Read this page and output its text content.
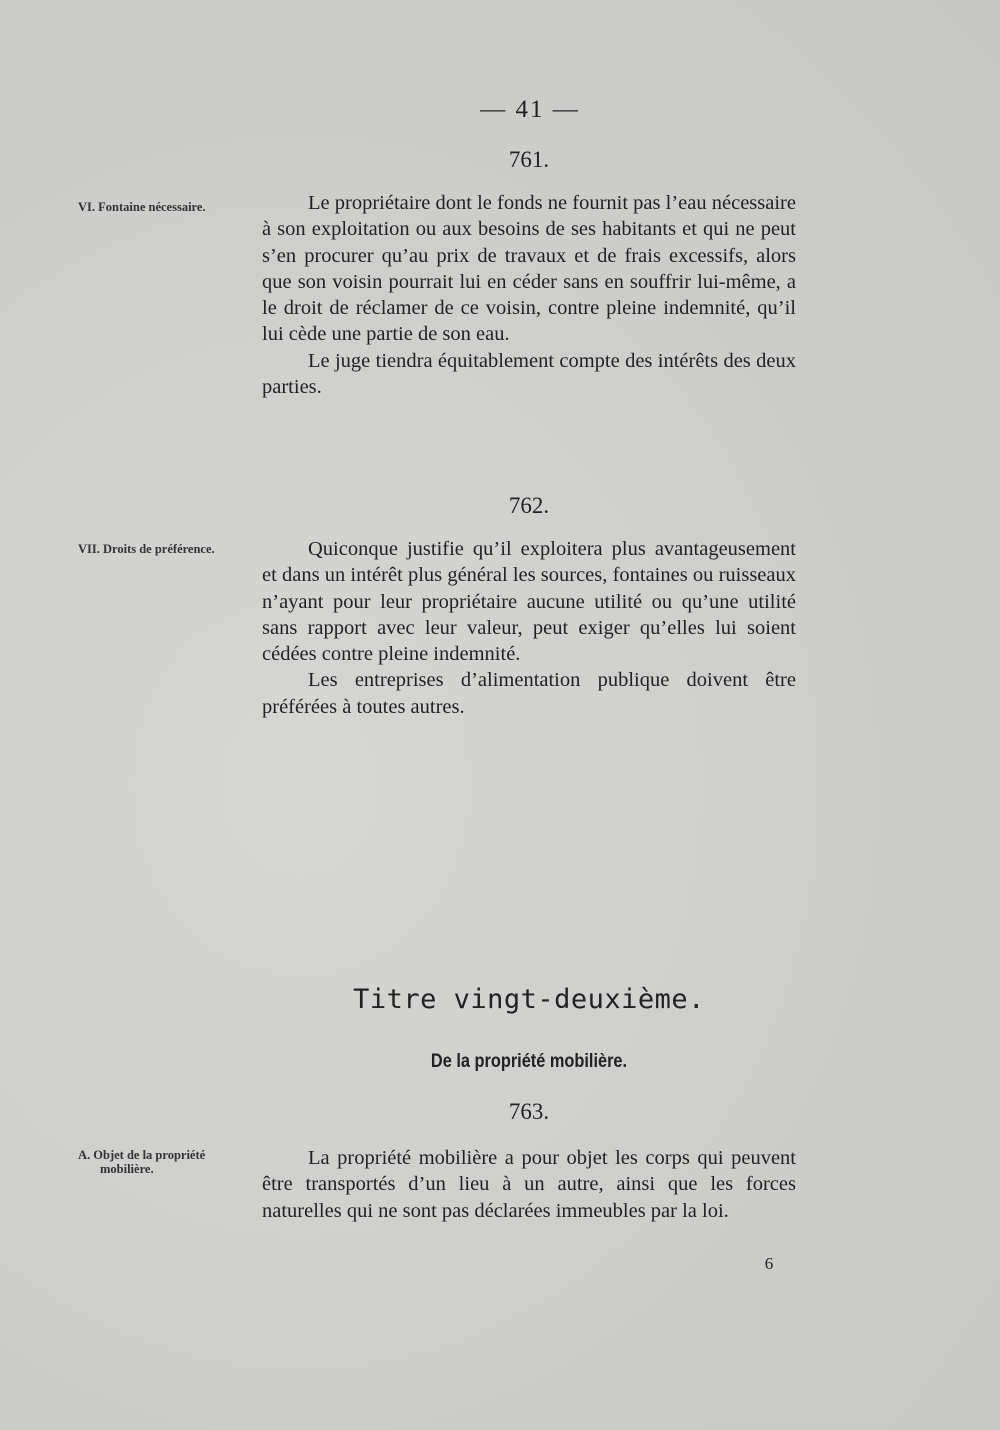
— 41 —
761.
VI. Fontaine nécessaire.	Le propriétaire dont le fonds ne fournit pas l’eau nécessaire à son exploitation ou aux besoins de ses habitants et qui ne peut s’en procurer qu’au prix de travaux et de frais excessifs, alors que son voisin pourrait lui en céder sans en souffrir lui-même, a le droit de réclamer de ce voisin, contre pleine indemnité, qu’il lui cède une partie de son eau.

Le juge tiendra équitablement compte des intérêts des deux parties.

762.
VII. Droits de préférence.	Quiconque justifie qu’il exploitera plus avantageusement et dans un intérêt plus général les sources, fontaines ou ruisseaux n’ayant pour leur propriétaire aucune utilité ou qu’une utilité sans rapport avec leur valeur, peut exiger qu’elles lui soient cédées contre pleine indemnité.

Les entreprises d’alimentation publique doivent être préférées à toutes autres.

Titre vingt-deuxième.
De la propriété mobilière.
763.
A. Objet de la propriété mobilière.	La propriété mobilière a pour objet les corps qui peuvent être transportés d’un lieu à un autre, ainsi que les forces naturelles qui ne sont pas déclarées immeubles par la loi.

6
